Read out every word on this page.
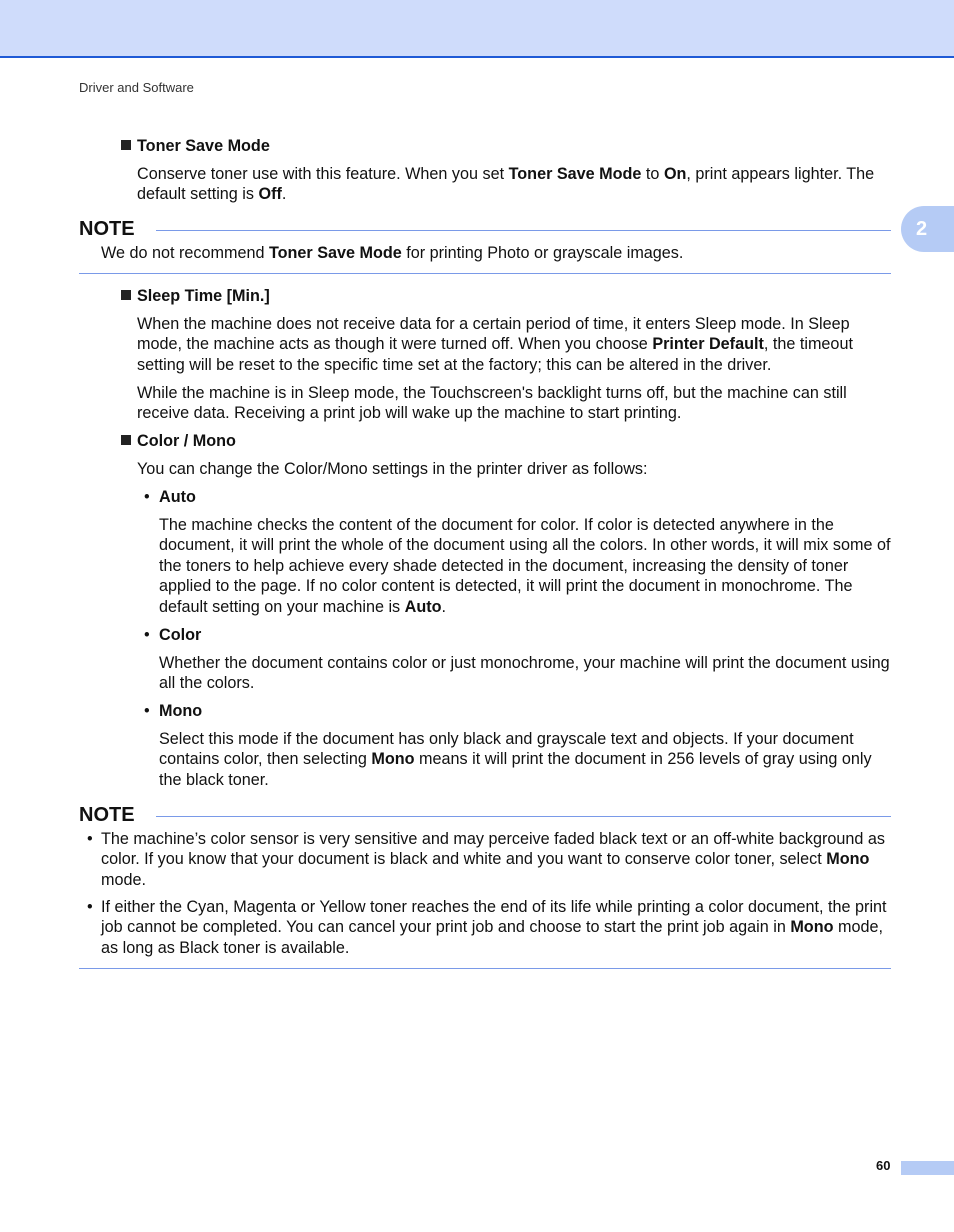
Driver and Software
2
Toner Save Mode

Conserve toner use with this feature. When you set Toner Save Mode to On, print appears lighter. The default setting is Off.

NOTE

We do not recommend Toner Save Mode for printing Photo or grayscale images.

Sleep Time [Min.]

When the machine does not receive data for a certain period of time, it enters Sleep mode. In Sleep mode, the machine acts as though it were turned off. When you choose Printer Default, the timeout setting will be reset to the specific time set at the factory; this can be altered in the driver.

While the machine is in Sleep mode, the Touchscreen's backlight turns off, but the machine can still receive data. Receiving a print job will wake up the machine to start printing.

Color / Mono

You can change the Color/Mono settings in the printer driver as follows:

• Auto

The machine checks the content of the document for color. If color is detected anywhere in the document, it will print the whole of the document using all the colors. In other words, it will mix some of the toners to help achieve every shade detected in the document, increasing the density of toner applied to the page. If no color content is detected, it will print the document in monochrome. The default setting on your machine is Auto.

• Color

Whether the document contains color or just monochrome, your machine will print the document using all the colors.

• Mono

Select this mode if the document has only black and grayscale text and objects. If your document contains color, then selecting Mono means it will print the document in 256 levels of gray using only the black toner.

NOTE
• The machine’s color sensor is very sensitive and may perceive faded black text or an off-white background as color. If you know that your document is black and white and you want to conserve color toner, select Mono mode.

• If either the Cyan, Magenta or Yellow toner reaches the end of its life while printing a color document, the print job cannot be completed. You can cancel your print job and choose to start the print job again in Mono mode, as long as Black toner is available.

60
